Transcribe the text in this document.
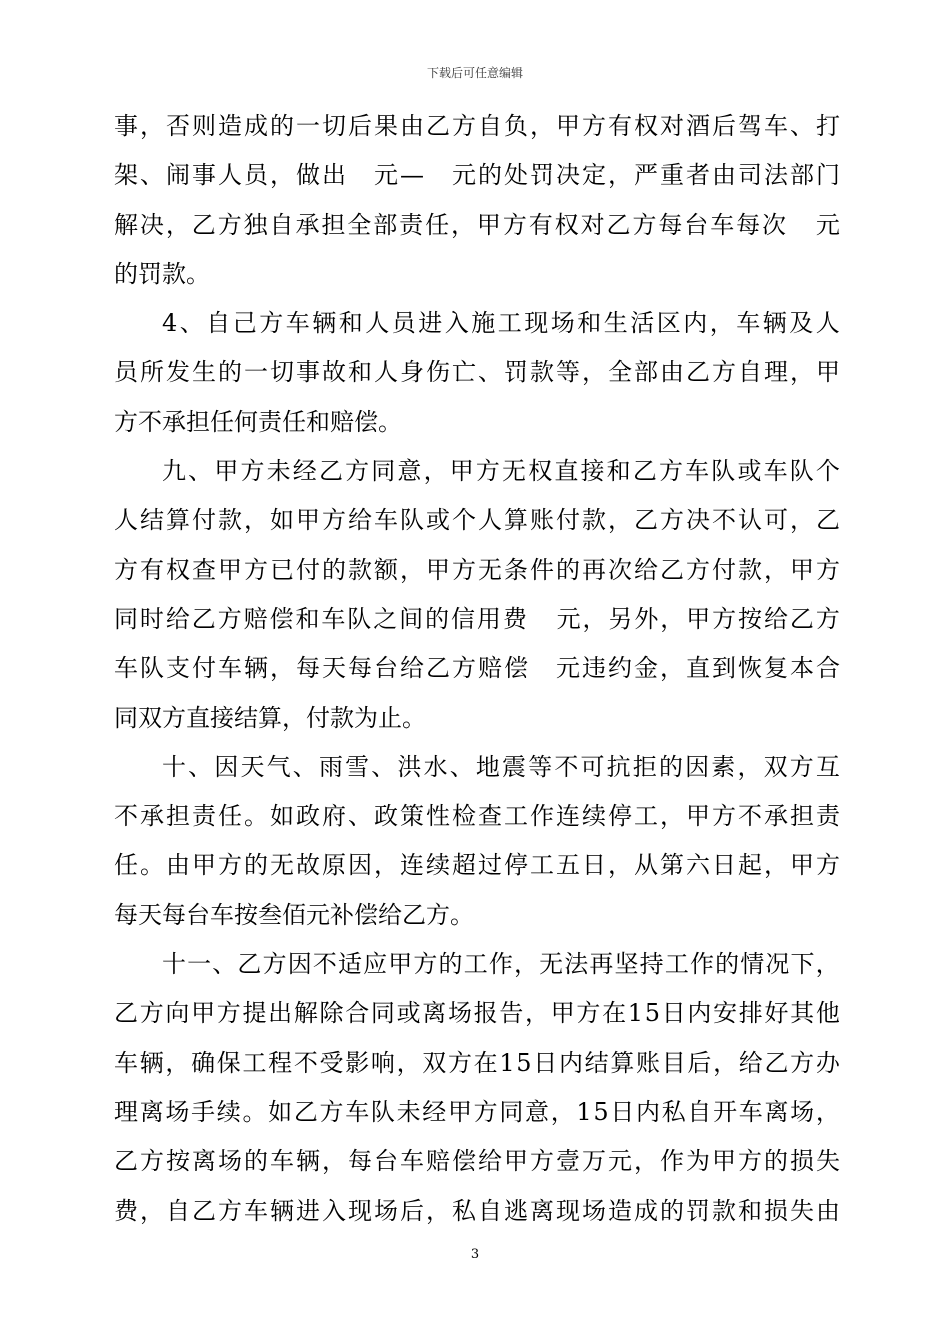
下载后可任意编辑
事 ， 否 则 造 成 的 一 切 后 果 由 乙 方 自 负 ， 甲 方 有 权 对 酒 后 驾 车 、 打
架 、 闹 事 人 员 ， 做 出
　 元 —
　 元 的 处 罚 决 定 ， 严 重 者 由 司 法 部 门
解 决 ， 乙 方 独 自 承 担 全 部 责 任 ， 甲 方 有 权 对 乙 方 每 台 车 每 次
　 元
的罚款。
4 、 自 己 方 车 辆 和 人 员 进 入 施 工 现 场 和 生 活 区 内 ， 车 辆 及 人
员 所 发 生 的 一 切 事 故 和 人 身 伤 亡 、 罚 款 等 ， 全 部 由 乙 方 自 理 ， 甲
方不承担任何责任和赔偿。
九 、 甲 方 未 经 乙 方 同 意 ， 甲 方 无 权 直 接 和 乙 方 车 队 或 车 队 个
人 结 算 付 款 ， 如 甲 方 给 车 队 或 个 人 算 账 付 款 ， 乙 方 决 不 认 可 ， 乙
方 有 权 查 甲 方 已 付 的 款 额 ， 甲 方 无 条 件 的 再 次 给 乙 方 付 款 ， 甲 方
同 时 给 乙 方 赔 偿 和 车 队 之 间 的 信 用 费
　 元 ， 另 外 ， 甲 方 按 给 乙 方
车 队 支 付 车 辆 ， 每 天 每 台 给 乙 方 赔 偿
　 元 违 约 金 ， 直 到 恢 复 本 合
同双方直接结算，付款为止。
十 、 因 天 气 、 雨 雪 、 洪 水 、 地 震 等 不 可 抗 拒 的 因 素 ， 双 方 互
不 承 担 责 任 。 如 政 府 、 政 策 性 检 查 工 作 连 续 停 工 ， 甲 方 不 承 担 责
任 。 由 甲 方 的 无 故 原 因 ， 连 续 超 过 停 工 五 日 ， 从 第 六 日 起 ， 甲 方
每天每台车按叁佰元补偿给乙方。
十 一 、 乙 方 因 不 适 应 甲 方 的 工 作 ， 无 法 再 坚 持 工 作 的 情 况 下 ，
乙 方 向 甲 方 提 出 解 除 合 同 或 离 场 报 告 ， 甲 方 在 1 5 日 内 安 排 好 其 他
车 辆 ， 确 保 工 程 不 受 影 响 ， 双 方 在 1 5 日 内 结 算 账 目 后 ， 给 乙 方 办
理 离 场 手 续 。 如 乙 方 车 队 未 经 甲 方 同 意 ， 1 5 日 内 私 自 开 车 离 场 ，
乙 方 按 离 场 的 车 辆 ， 每 台 车 赔 偿 给 甲 方 壹 万 元 ， 作 为 甲 方 的 损 失
费 ， 自 乙 方 车 辆 进 入 现 场 后 ， 私 自 逃 离 现 场 造 成 的 罚 款 和 损 失 由
3
